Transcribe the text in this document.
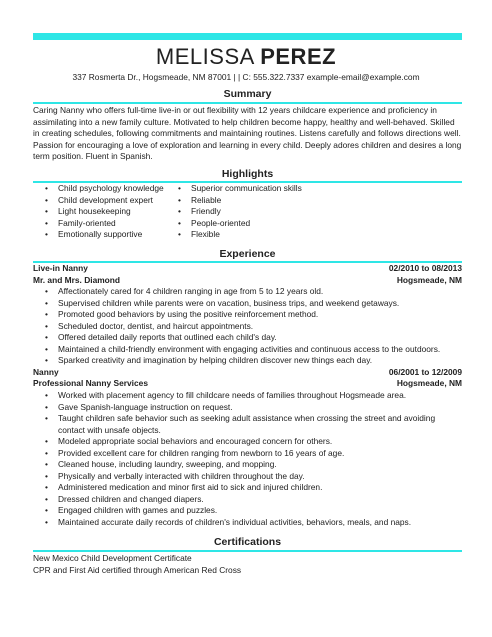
MELISSA PEREZ
337 Rosmerta Dr., Hogsmeade, NM 87001 | | C: 555.322.7337 example-email@example.com
Summary
Caring Nanny who offers full-time live-in or out flexibility with 12 years childcare experience and proficiency in assimilating into a new family culture. Motivated to help children become happy, healthy and well-behaved. Skilled in creating schedules, following commitments and maintaining routines. Listens carefully and follows directions well. Passion for encouraging a love of exploration and learning in every child. Deeply adores children and desires a long term position. Fluent in Spanish.
Highlights
• Child psychology knowledge
• Child development expert
• Light housekeeping
• Family-oriented
• Emotionally supportive
• Superior communication skills
• Reliable
• Friendly
• People-oriented
• Flexible
Experience
Live-in Nanny	02/2010 to 08/2013
Mr. and Mrs. Diamond	Hogsmeade, NM
• Affectionately cared for 4 children ranging in age from 5 to 12 years old.
• Supervised children while parents were on vacation, business trips, and weekend getaways.
• Promoted good behaviors by using the positive reinforcement method.
• Scheduled doctor, dentist, and haircut appointments.
• Offered detailed daily reports that outlined each child's day.
• Maintained a child-friendly environment with engaging activities and continuous access to the outdoors.
• Sparked creativity and imagination by helping children discover new things each day.
Nanny	06/2001 to 12/2009
Professional Nanny Services	Hogsmeade, NM
• Worked with placement agency to fill childcare needs of families throughout Hogsmeade area.
• Gave Spanish-language instruction on request.
• Taught children safe behavior such as seeking adult assistance when crossing the street and avoiding contact with unsafe objects.
• Modeled appropriate social behaviors and encouraged concern for others.
• Provided excellent care for children ranging from newborn to 16 years of age.
• Cleaned house, including laundry, sweeping, and mopping.
• Physically and verbally interacted with children throughout the day.
• Administered medication and minor first aid to sick and injured children.
• Dressed children and changed diapers.
• Engaged children with games and puzzles.
• Maintained accurate daily records of children's individual activities, behaviors, meals, and naps.
Certifications
New Mexico Child Development Certificate
CPR and First Aid certified through American Red Cross
